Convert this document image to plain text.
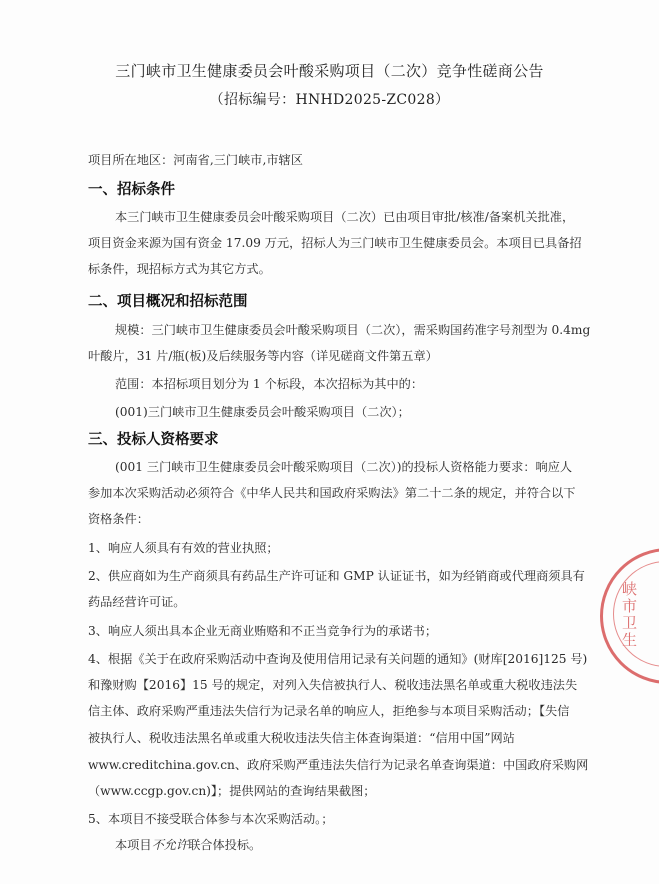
三门峡市卫生健康委员会叶酸采购项目（二次）竞争性磋商公告
（招标编号：HNHD2025-ZC028）
项目所在地区：河南省,三门峡市,市辖区
一、招标条件
本三门峡市卫生健康委员会叶酸采购项目（二次）已由项目审批/核准/备案机关批准，
项目资金来源为国有资金 17.09 万元，招标人为三门峡市卫生健康委员会。本项目已具备招
标条件，现招标方式为其它方式。
二、项目概况和招标范围
规模：三门峡市卫生健康委员会叶酸采购项目（二次），需采购国药准字号剂型为 0.4mg
叶酸片，31 片/瓶(板)及后续服务等内容（详见磋商文件第五章）
范围：本招标项目划分为 1 个标段，本次招标为其中的：
(001)三门峡市卫生健康委员会叶酸采购项目（二次）；
三、投标人资格要求
(001 三门峡市卫生健康委员会叶酸采购项目（二次）)的投标人资格能力要求：响应人
参加本次采购活动必须符合《中华人民共和国政府采购法》第二十二条的规定，并符合以下
资格条件：
1、响应人须具有有效的营业执照；
2、供应商如为生产商须具有药品生产许可证和 GMP 认证证书，如为经销商或代理商须具有
药品经营许可证。
3、响应人须出具本企业无商业贿赂和不正当竞争行为的承诺书；
4、根据《关于在政府采购活动中查询及使用信用记录有关问题的通知》(财库[2016]125 号)
和豫财购【2016】15 号的规定，对列入失信被执行人、税收违法黑名单或重大税收违法失
信主体、政府采购严重违法失信行为记录名单的响应人，拒绝参与本项目采购活动；【失信
被执行人、税收违法黑名单或重大税收违法失信主体查询渠道：“信用中国”网站
www.creditchina.gov.cn、政府采购严重违法失信行为记录名单查询渠道：中国政府采购网
（www.ccgp.gov.cn)】；提供网站的查询结果截图；
5、本项目不接受联合体参与本次采购活动。；
本项目不允许联合体投标。
峡市卫生
